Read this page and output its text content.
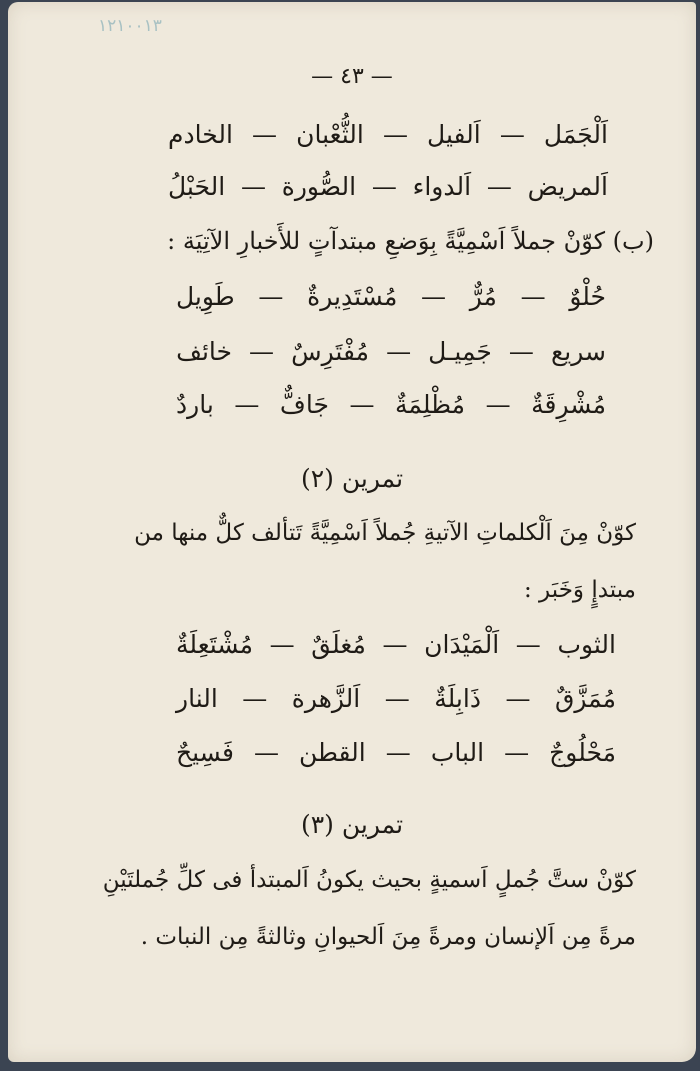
١٢١٠٠١٣
— ٤٣ —
اَلْجَمَل
—
اَلفيل
—
الثُّعْبان
—
الخادم
اَلمريض
—
اَلدواء
—
الصُّورة
—
الحَبْلُ
(ب) كوّنْ جملاً اَسْمِيَّةً بِوَضعِ مبتدآتٍ للأَخبارِ الآتِيَة :
حُلْوٌ
—
مُرٌّ
—
مُسْتَدِيرةٌ
—
طَوِيل
سريع
—
جَمِيـل
—
مُفْتَرِسٌ
—
خائف
مُشْرِقَةٌ
—
مُظْلِمَةٌ
—
جَافٌّ
—
باردٌ
تمرين (٢)
كوّنْ مِنَ اَلْكلماتِ الآتيةِ جُملاً اَسْمِيَّةً تَتألف كلٌّ منها من
مبتدإٍ وَخَبَر :
الثوب
—
اَلْمَيْدَان
—
مُغلَقٌ
—
مُشْتَعِلَةٌ
مُمَزَّقٌ
—
ذَابِلَةٌ
—
اَلزَّهرة
—
النار
مَحْلُوجٌ
—
الباب
—
القطن
—
فَسِيحٌ
تمرين (٣)
كوّنْ ستَّ جُملٍ اَسميةٍ بحيث يكونُ اَلمبتدأ فى كلِّ جُملتَيْنِ
مرةً مِن اَلإنسان ومرةً مِنَ اَلحيوانِ وثالثةً مِن النبات .
